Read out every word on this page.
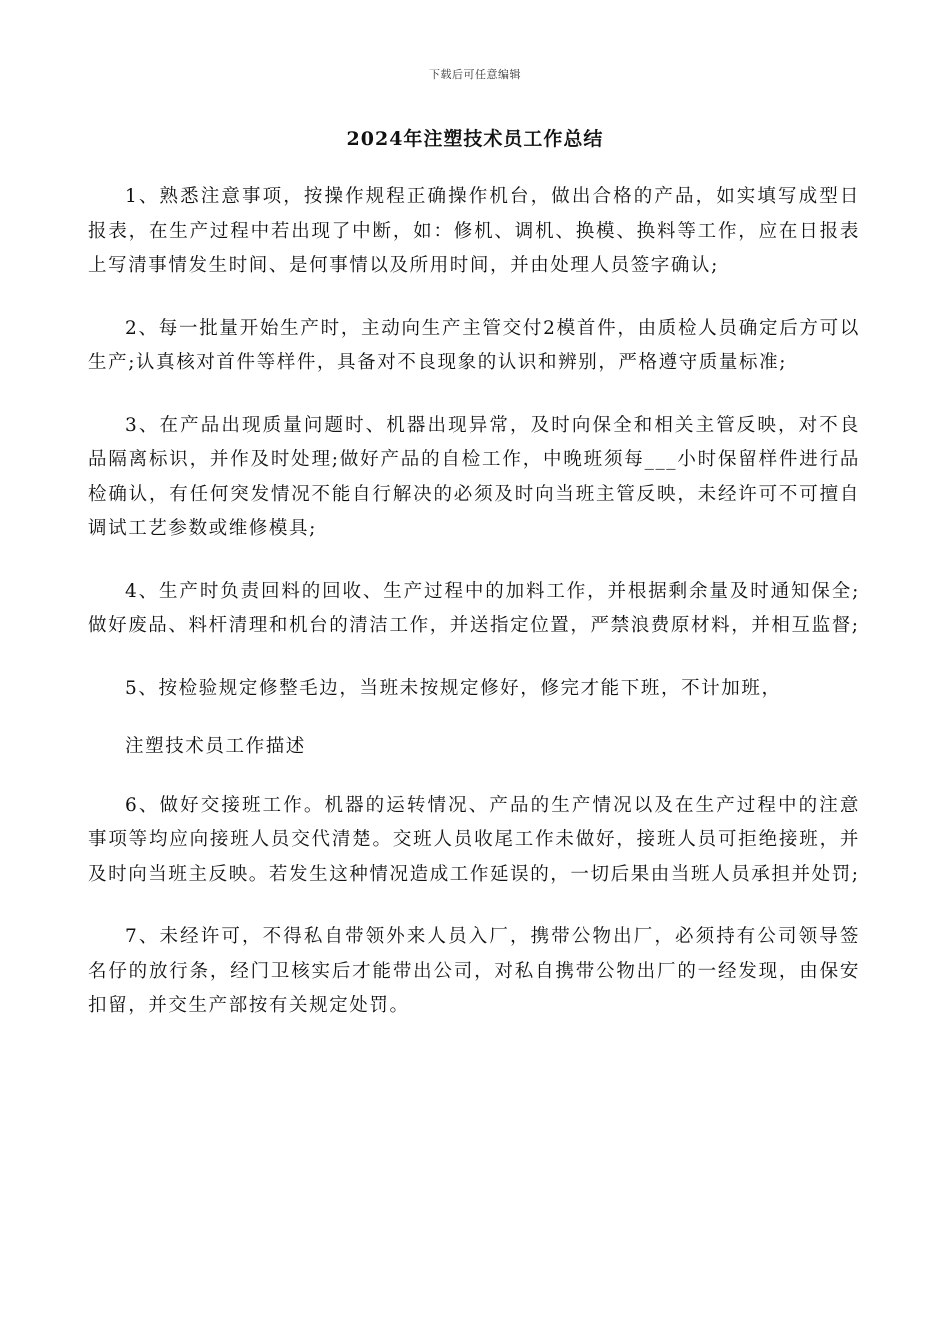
下载后可任意编辑
2024年注塑技术员工作总结

1、熟悉注意事项，按操作规程正确操作机台，做出合格的产品，如实填写成型日报表，在生产过程中若出现了中断，如：修机、调机、换模、换料等工作，应在日报表上写清事情发生时间、是何事情以及所用时间，并由处理人员签字确认;

2、每一批量开始生产时，主动向生产主管交付2模首件，由质检人员确定后方可以生产;认真核对首件等样件，具备对不良现象的认识和辨别，严格遵守质量标准;

3、在产品出现质量问题时、机器出现异常，及时向保全和相关主管反映，对不良品隔离标识，并作及时处理;做好产品的自检工作，中晚班须每___小时保留样件进行品检确认，有任何突发情况不能自行解决的必须及时向当班主管反映，未经许可不可擅自调试工艺参数或维修模具;

4、生产时负责回料的回收、生产过程中的加料工作，并根据剩余量及时通知保全;做好废品、料杆清理和机台的清洁工作，并送指定位置，严禁浪费原材料，并相互监督;

5、按检验规定修整毛边，当班未按规定修好，修完才能下班，不计加班，

注塑技术员工作描述

6、做好交接班工作。机器的运转情况、产品的生产情况以及在生产过程中的注意事项等均应向接班人员交代清楚。交班人员收尾工作未做好，接班人员可拒绝接班，并及时向当班主反映。若发生这种情况造成工作延误的，一切后果由当班人员承担并处罚;

7、未经许可，不得私自带领外来人员入厂，携带公物出厂，必须持有公司领导签名仔的放行条，经门卫核实后才能带出公司，对私自携带公物出厂的一经发现，由保安扣留，并交生产部按有关规定处罚。
